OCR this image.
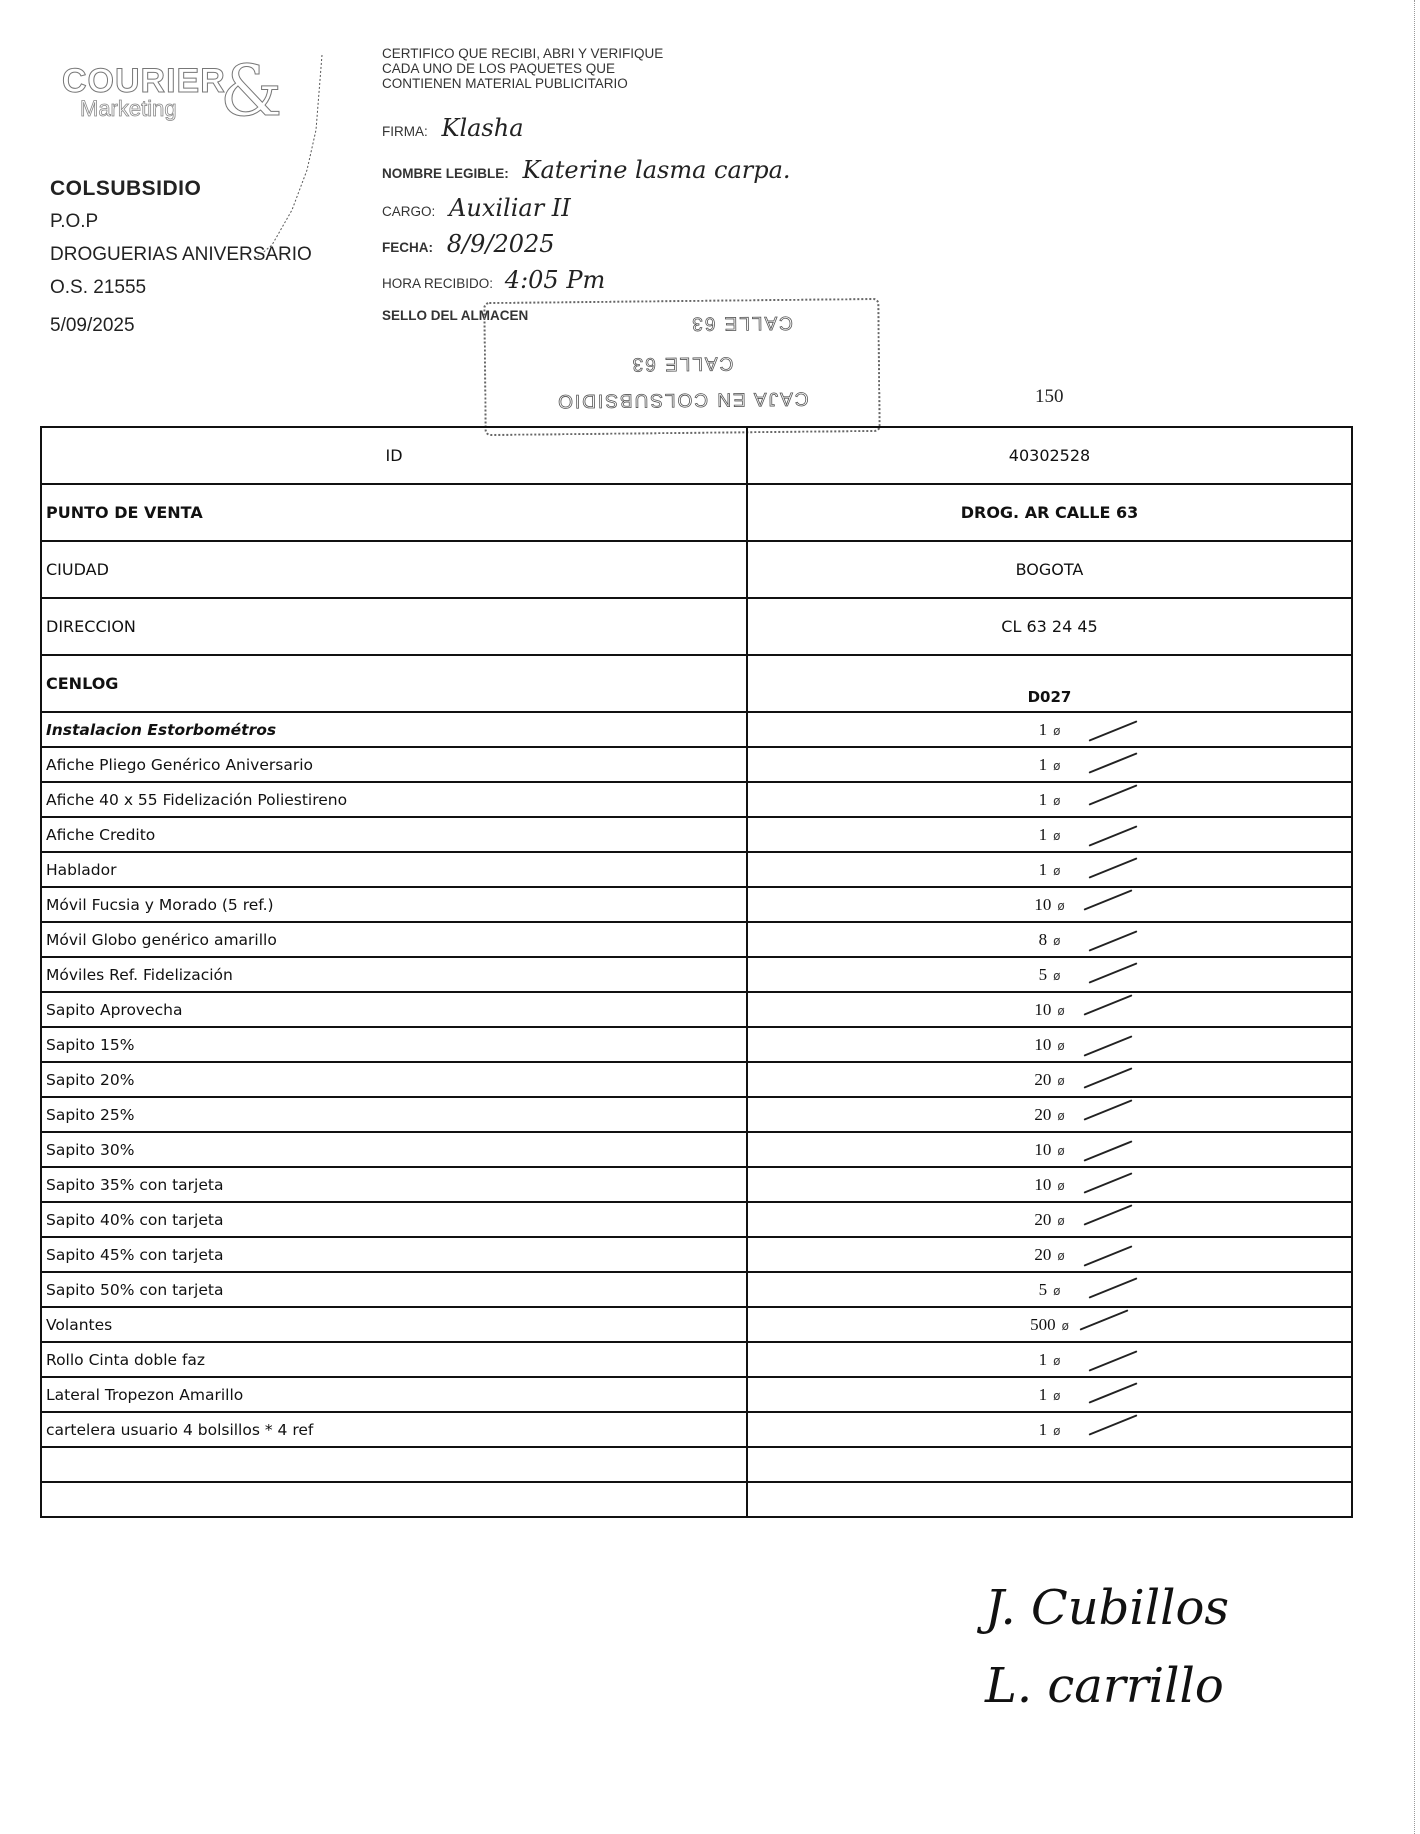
COURIER
Marketing &
COLSUBSIDIO
P.O.P
DROGUERIAS ANIVERSARIO
O.S. 21555
5/09/2025
CERTIFICO QUE RECIBI, ABRI Y VERIFIQUE
CADA UNO DE LOS PAQUETES QUE
CONTIENEN MATERIAL PUBLICITARIO
FIRMA: Klasha
NOMBRE LEGIBLE: Katerine lasma carpa.
CARGO: Auxiliar II
FECHA: 8/9/2025
HORA RECIBIDO: 4:05 Pm
SELLO DEL ALMACEN
CAJA EN COLSUBSIDIO
CALLE 63
CALLE 63
150
ID	40302528
PUNTO DE VENTA	DROG. AR CALLE 63
CIUDAD	BOGOTA
DIRECCION	CL 63 24 45
CENLOG	D027
Instalacion Estorbométros	1 ø

Afiche Pliego Genérico Aniversario	1 ø

Afiche 40 x 55 Fidelización Poliestireno	1 ø

Afiche Credito	1 ø

Hablador	1 ø

Móvil Fucsia y Morado (5 ref.)	10 ø

Móvil Globo genérico amarillo	8 ø

Móviles Ref. Fidelización	5 ø

Sapito Aprovecha	10 ø

Sapito 15%	10 ø

Sapito 20%	20 ø

Sapito 25%	20 ø

Sapito 30%	10 ø

Sapito 35% con tarjeta	10 ø

Sapito 40% con tarjeta	20 ø

Sapito 45% con tarjeta	20 ø

Sapito 50% con tarjeta	5 ø

Volantes	500 ø

Rollo Cinta doble faz	1 ø

Lateral Tropezon Amarillo	1 ø

cartelera usuario 4 bolsillos * 4 ref	1 ø

J. Cubillos
L. carrillo
